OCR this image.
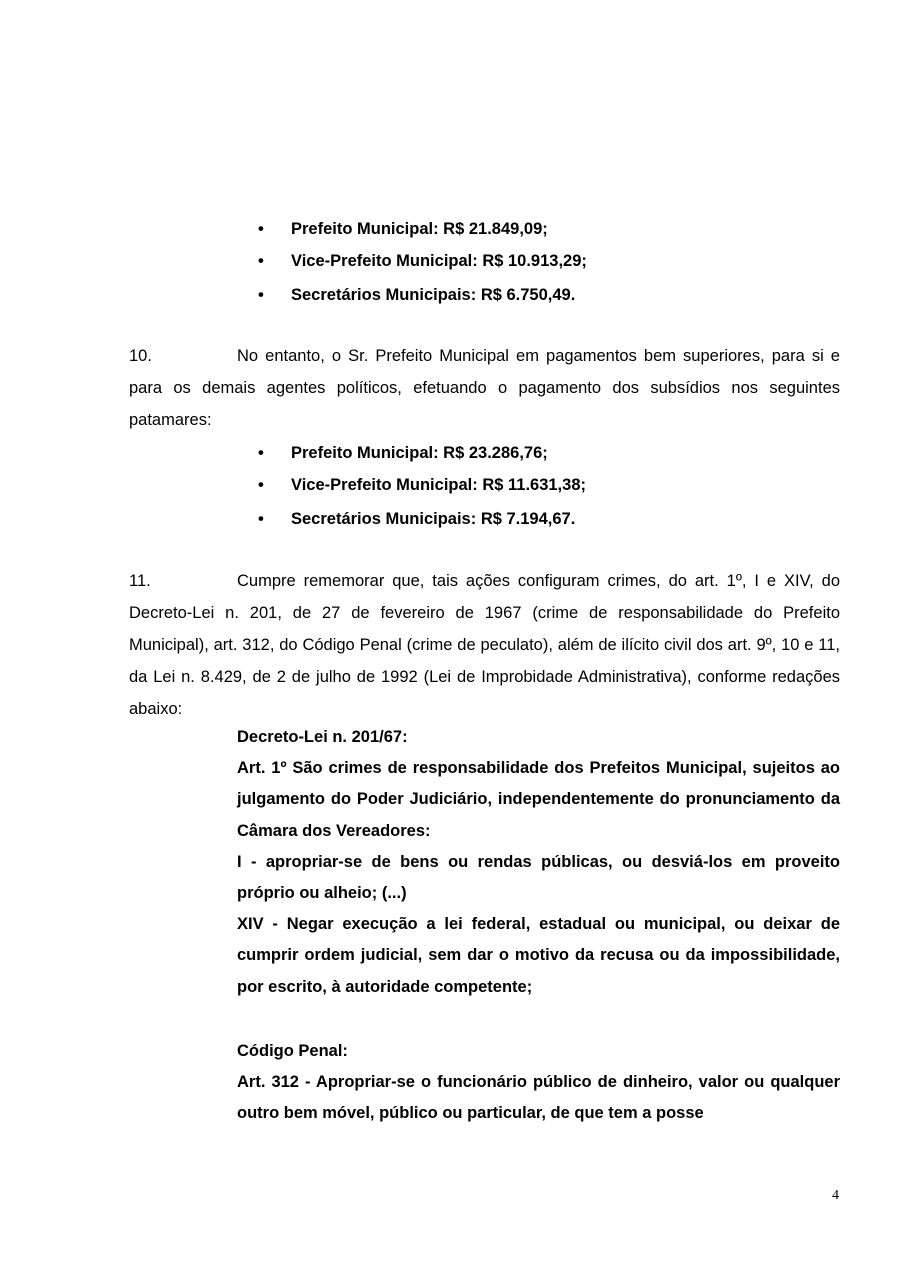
• Prefeito Municipal: R$ 21.849,09;
• Vice-Prefeito Municipal: R$ 10.913,29;
• Secretários Municipais: R$ 6.750,49.

10.	No entanto, o Sr. Prefeito Municipal em pagamentos bem superiores, para si e para os demais agentes políticos, efetuando o pagamento dos subsídios nos seguintes patamares:

• Prefeito Municipal: R$ 23.286,76;
• Vice-Prefeito Municipal: R$ 11.631,38;
• Secretários Municipais: R$ 7.194,67.

11.	Cumpre rememorar que, tais ações configuram crimes, do art. 1º, I e XIV, do Decreto-Lei n. 201, de 27 de fevereiro de 1967 (crime de responsabilidade do Prefeito Municipal), art. 312, do Código Penal (crime de peculato), além de ilícito civil dos art. 9º, 10 e 11, da Lei n. 8.429, de 2 de julho de 1992 (Lei de Improbidade Administrativa), conforme redações abaixo:

Decreto-Lei n. 201/67:

Art. 1º São crimes de responsabilidade dos Prefeitos Municipal, sujeitos ao julgamento do Poder Judiciário, independentemente do pronunciamento da Câmara dos Vereadores:

I - apropriar-se de bens ou rendas públicas, ou desviá-los em proveito próprio ou alheio; (...)

XIV - Negar execução a lei federal, estadual ou municipal, ou deixar de cumprir ordem judicial, sem dar o motivo da recusa ou da impossibilidade, por escrito, à autoridade competente;

Código Penal:

Art. 312 - Apropriar-se o funcionário público de dinheiro, valor ou qualquer outro bem móvel, público ou particular, de que tem a posse

4
